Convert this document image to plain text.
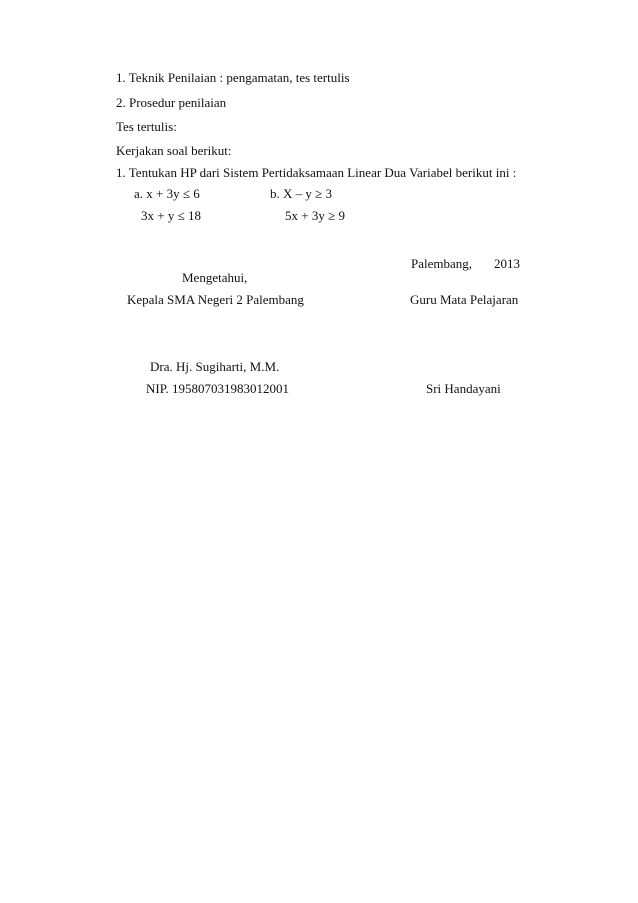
1. Teknik Penilaian : pengamatan, tes tertulis
2. Prosedur penilaian
Tes tertulis:
Kerjakan soal berikut:
1. Tentukan HP dari Sistem Pertidaksamaan Linear Dua Variabel berikut ini :
a. x + 3y ≤ 6	b. X – y ≥ 3
3x + y ≤ 18	5x + 3y ≥ 9
Palembang, 2013
Mengetahui,
Kepala SMA Negeri 2 Palembang	Guru Mata Pelajaran
Dra. Hj. Sugiharti, M.M.
NIP. 195807031983012001	Sri Handayani
